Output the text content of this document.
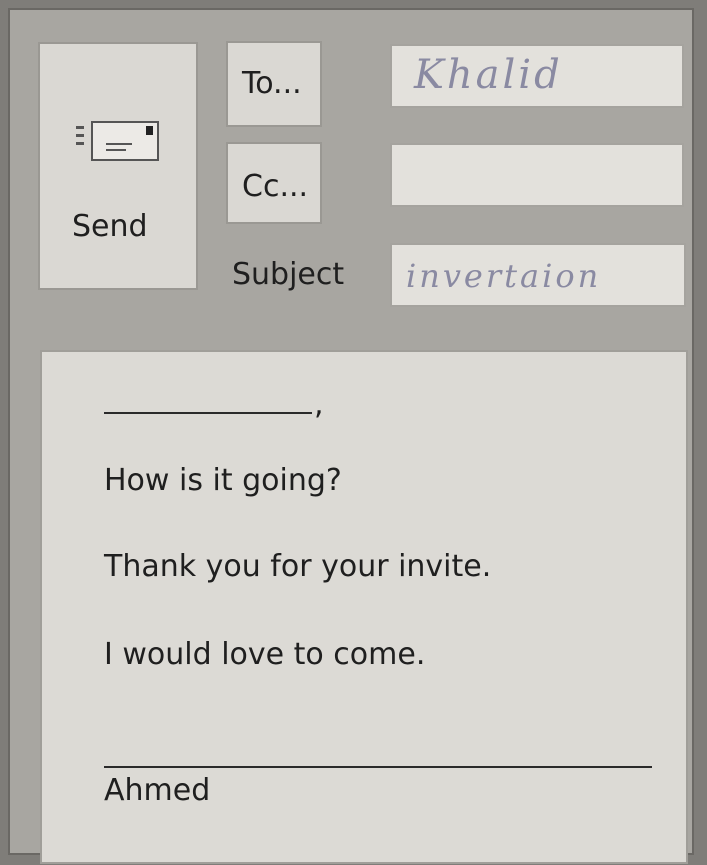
Send
To...
Cc...
Subject
Khalid
invertaion
,
How is it going?
Thank you for your invite.
I would love to come.
Ahmed
